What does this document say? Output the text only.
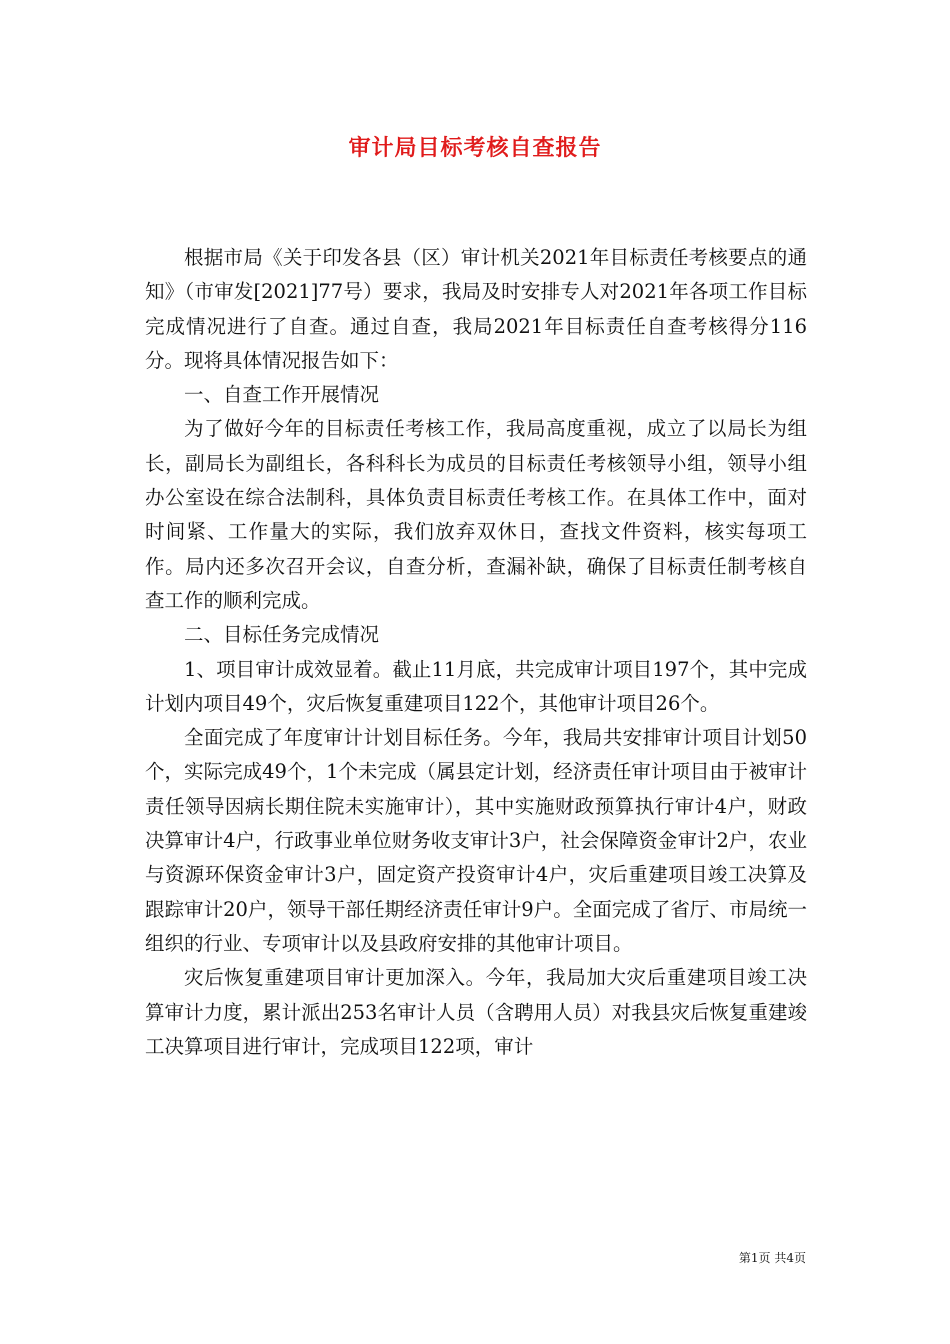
审计局目标考核自查报告

根据市局《关于印发各县（区）审计机关2021年目标责任考核要点的通知》（市审发[2021]77号）要求，我局及时安排专人对2021年各项工作目标完成情况进行了自查。通过自查，我局2021年目标责任自查考核得分116分。现将具体情况报告如下：

一、自查工作开展情况

为了做好今年的目标责任考核工作，我局高度重视，成立了以局长为组长，副局长为副组长，各科科长为成员的目标责任考核领导小组，领导小组办公室设在综合法制科，具体负责目标责任考核工作。在具体工作中，面对时间紧、工作量大的实际，我们放弃双休日，查找文件资料，核实每项工作。局内还多次召开会议，自查分析，查漏补缺，确保了目标责任制考核自查工作的顺利完成。

二、目标任务完成情况

1、项目审计成效显着。截止11月底，共完成审计项目197个，其中完成计划内项目49个，灾后恢复重建项目122个，其他审计项目26个。

全面完成了年度审计计划目标任务。今年，我局共安排审计项目计划50个，实际完成49个，1个未完成（属县定计划，经济责任审计项目由于被审计责任领导因病长期住院未实施审计），其中实施财政预算执行审计4户，财政决算审计4户，行政事业单位财务收支审计3户，社会保障资金审计2户，农业与资源环保资金审计3户，固定资产投资审计4户，灾后重建项目竣工决算及跟踪审计20户，领导干部任期经济责任审计9户。全面完成了省厅、市局统一组织的行业、专项审计以及县政府安排的其他审计项目。

灾后恢复重建项目审计更加深入。今年，我局加大灾后重建项目竣工决算审计力度，累计派出253名审计人员（含聘用人员）对我县灾后恢复重建竣工决算项目进行审计，完成项目122项，审计

第1页 共4页
